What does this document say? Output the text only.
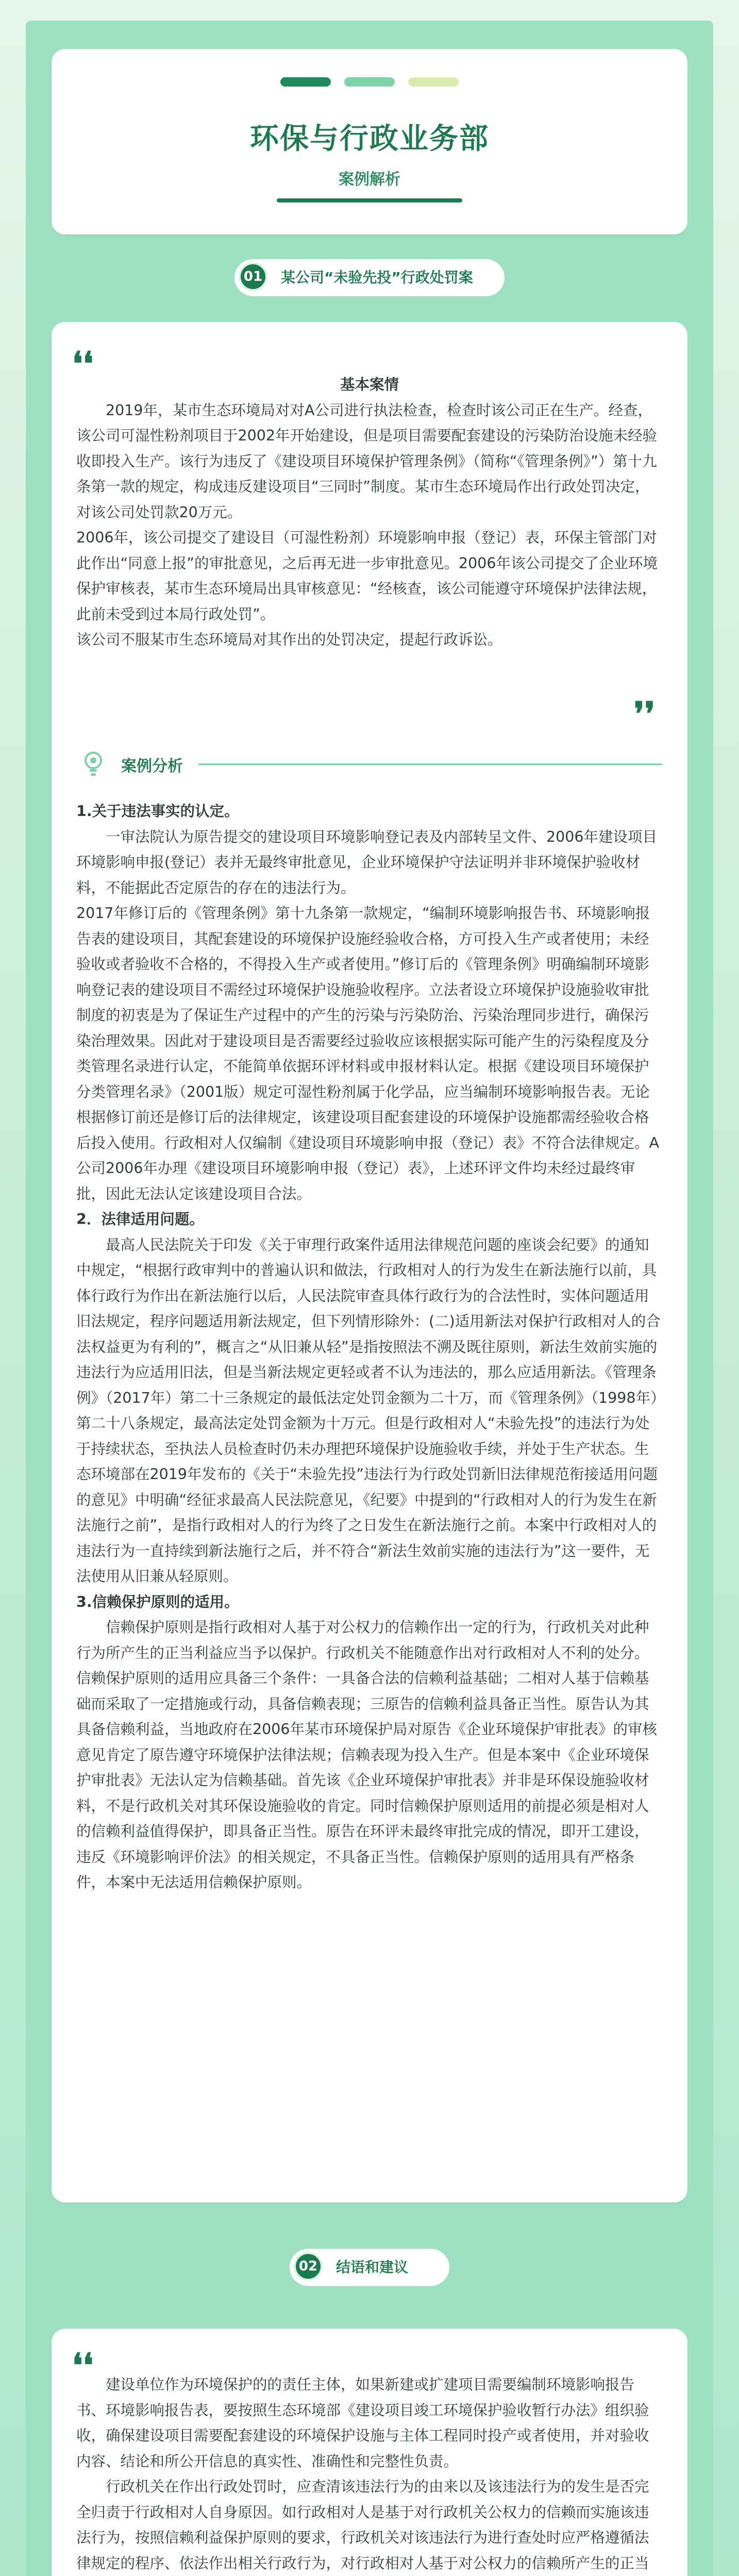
环保与行政业务部
案例解析
01	某公司“未验先投”行政处罚案
❛❛

基本案情

2019年，某市生态环境局对对A公司进行执法检查，检查时该公司正在生产。经查，该公司可湿性粉剂项目于2002年开始建设，但是项目需要配套建设的污染防治设施未经验收即投入生产。该行为违反了《建设项目环境保护管理条例》（简称“《管理条例》”）第十九条第一款的规定，构成违反建设项目“三同时”制度。某市生态环境局作出行政处罚决定，对该公司处罚款20万元。

2006年，该公司提交了建设目（可湿性粉剂）环境影响申报（登记）表，环保主管部门对此作出“同意上报”的审批意见，之后再无进一步审批意见。2006年该公司提交了企业环境保护审核表，某市生态环境局出具审核意见：“经核查，该公司能遵守环境保护法律法规，此前未受到过本局行政处罚”。

该公司不服某市生态环境局对其作出的处罚决定，提起行政诉讼。

❜❜
案例分析

1.关于违法事实的认定。

一审法院认为原告提交的建设项目环境影响登记表及内部转呈文件、2006年建设项目环境影响申报(登记）表并无最终审批意见，企业环境保护守法证明并非环境保护验收材料，不能据此否定原告的存在的违法行为。

2017年修订后的《管理条例》第十九条第一款规定，“编制环境影响报告书、环境影响报告表的建设项目，其配套建设的环境保护设施经验收合格，方可投入生产或者使用；未经验收或者验收不合格的，不得投入生产或者使用。”修订后的《管理条例》明确编制环境影响登记表的建设项目不需经过环境保护设施验收程序。立法者设立环境保护设施验收审批制度的初衷是为了保证生产过程中的产生的污染与污染防治、污染治理同步进行，确保污染治理效果。因此对于建设项目是否需要经过验收应该根据实际可能产生的污染程度及分类管理名录进行认定，不能简单依据环评材料或申报材料认定。根据《建设项目环境保护分类管理名录》（2001版）规定可湿性粉剂属于化学品，应当编制环境影响报告表。无论根据修订前还是修订后的法律规定，该建设项目配套建设的环境保护设施都需经验收合格后投入使用。行政相对人仅编制《建设项目环境影响申报（登记）表》不符合法律规定。A公司2006年办理《建设项目环境影响申报（登记）表》，上述环评文件均未经过最终审批，因此无法认定该建设项目合法。

2．法律适用问题。

最高人民法院关于印发《关于审理行政案件适用法律规范问题的座谈会纪要》的通知中规定，“根据行政审判中的普遍认识和做法，行政相对人的行为发生在新法施行以前，具体行政行为作出在新法施行以后，人民法院审查具体行政行为的合法性时，实体问题适用旧法规定，程序问题适用新法规定，但下列情形除外：(二)适用新法对保护行政相对人的合法权益更为有利的”，概言之“从旧兼从轻”是指按照法不溯及既往原则，新法生效前实施的违法行为应适用旧法，但是当新法规定更轻或者不认为违法的，那么应适用新法。《管理条例》（2017年）第二十三条规定的最低法定处罚金额为二十万，而《管理条例》（1998年）第二十八条规定，最高法定处罚金额为十万元。但是行政相对人“未验先投”的违法行为处于持续状态，至执法人员检查时仍未办理把环境保护设施验收手续，并处于生产状态。生态环境部在2019年发布的《关于“未验先投”违法行为行政处罚新旧法律规范衔接适用问题的意见》中明确“经征求最高人民法院意见，《纪要》中提到的“行政相对人的行为发生在新法施行之前”，是指行政相对人的行为终了之日发生在新法施行之前。本案中行政相对人的违法行为一直持续到新法施行之后，并不符合“新法生效前实施的违法行为”这一要件，无法使用从旧兼从轻原则。

3.信赖保护原则的适用。

信赖保护原则是指行政相对人基于对公权力的信赖作出一定的行为，行政机关对此种行为所产生的正当利益应当予以保护。行政机关不能随意作出对行政相对人不利的处分。信赖保护原则的适用应具备三个条件：一具备合法的信赖利益基础；二相对人基于信赖基础而采取了一定措施或行动，具备信赖表现；三原告的信赖利益具备正当性。原告认为其具备信赖利益，当地政府在2006年某市环境保护局对原告《企业环境保护审批表》的审核意见肯定了原告遵守环境保护法律法规；信赖表现为投入生产。但是本案中《企业环境保护审批表》无法认定为信赖基础。首先该《企业环境保护审批表》并非是环保设施验收材料，不是行政机关对其环保设施验收的肯定。同时信赖保护原则适用的前提必须是相对人的信赖利益值得保护，即具备正当性。原告在环评未最终审批完成的情况，即开工建设，违反《环境影响评价法》的相关规定，不具备正当性。信赖保护原则的适用具有严格条件，本案中无法适用信赖保护原则。

02	结语和建议
❛❛ 建设单位作为环境保护的的责任主体，如果新建或扩建项目需要编制环境影响报告书、环境影响报告表，要按照生态环境部《建设项目竣工环境保护验收暂行办法》组织验收，确保建设项目需要配套建设的环境保护设施与主体工程同时投产或者使用，并对验收内容、结论和所公开信息的真实性、准确性和完整性负责。

行政机关在作出行政处罚时，应查清该违法行为的由来以及该违法行为的发生是否完全归责于行政相对人自身原因。如行政相对人是基于对行政机关公权力的信赖而实施该违法行为，按照信赖利益保护原则的要求，行政机关对该违法行为进行查处时应严格遵循法律规定的程序、依法作出相关行政行为，对行政相对人基于对公权力的信赖所产生的正当
